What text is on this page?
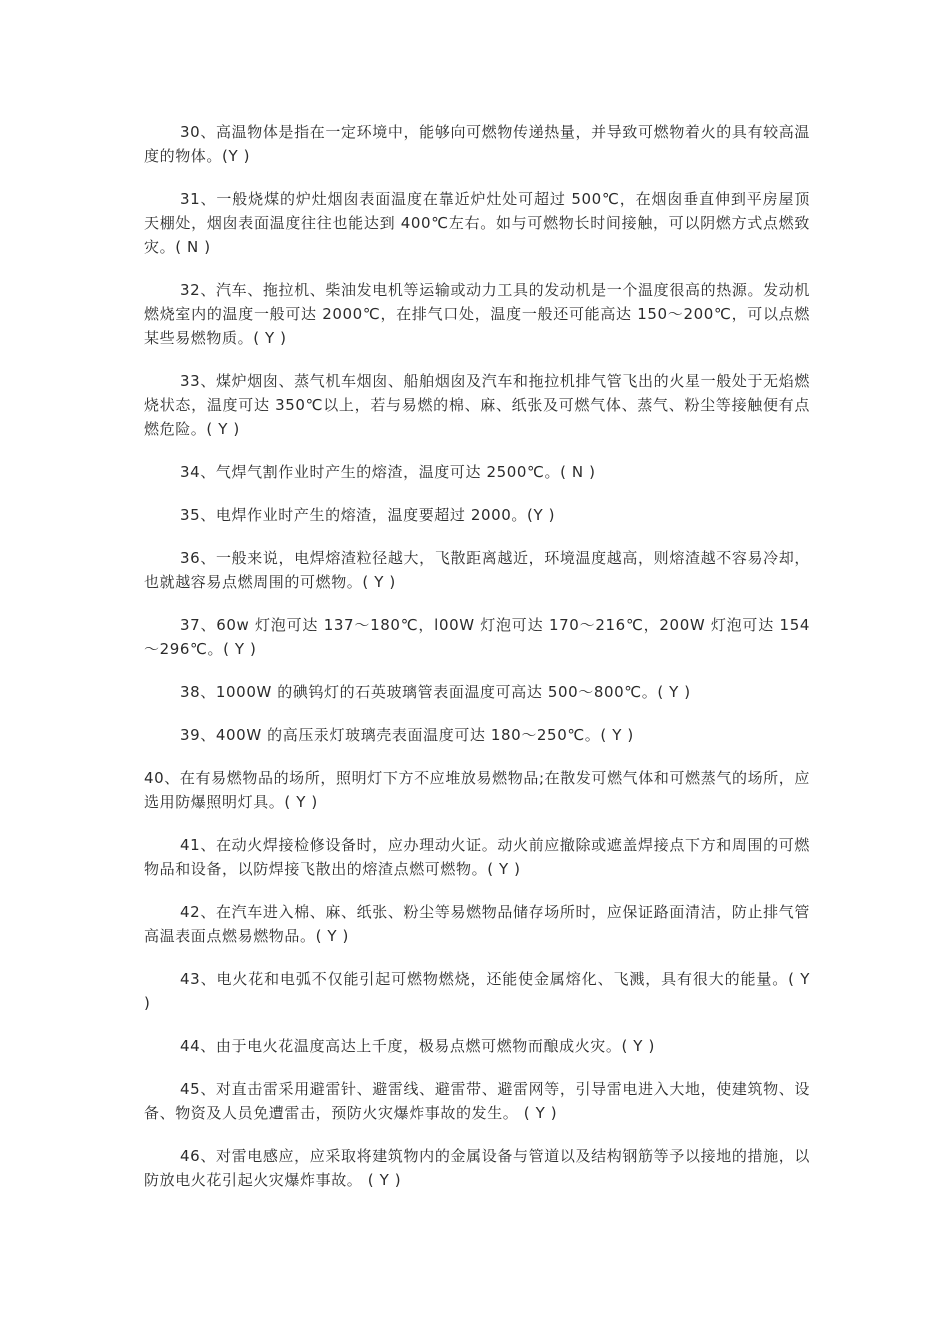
30、高温物体是指在一定环境中，能够向可燃物传递热量，并导致可燃物着火的具有较高温度的物体。(Y )

31、一般烧煤的炉灶烟囱表面温度在靠近炉灶处可超过 500℃，在烟囱垂直伸到平房屋顶天棚处，烟囱表面温度往往也能达到 400℃左右。如与可燃物长时间接触，可以阴燃方式点燃致灾。( N )

32、汽车、拖拉机、柴油发电机等运输或动力工具的发动机是一个温度很高的热源。发动机燃烧室内的温度一般可达 2000℃，在排气口处，温度一般还可能高达 150～200℃，可以点燃某些易燃物质。( Y )

33、煤炉烟囱、蒸气机车烟囱、船舶烟囱及汽车和拖拉机排气管飞出的火星一般处于无焰燃烧状态，温度可达 350℃以上，若与易燃的棉、麻、纸张及可燃气体、蒸气、粉尘等接触便有点燃危险。( Y )

34、气焊气割作业时产生的熔渣，温度可达 2500℃。( N )

35、电焊作业时产生的熔渣，温度要超过 2000。(Y )

36、一般来说，电焊熔渣粒径越大，飞散距离越近，环境温度越高，则熔渣越不容易冷却，也就越容易点燃周围的可燃物。( Y )

37、60w 灯泡可达 137～180℃，l00W 灯泡可达 170～216℃，200W 灯泡可达 154～296℃。( Y )

38、1000W 的碘钨灯的石英玻璃管表面温度可高达 500～800℃。( Y )

39、400W 的高压汞灯玻璃壳表面温度可达 180～250℃。( Y )

40、在有易燃物品的场所，照明灯下方不应堆放易燃物品;在散发可燃气体和可燃蒸气的场所，应选用防爆照明灯具。( Y )

41、在动火焊接检修设备时，应办理动火证。动火前应撤除或遮盖焊接点下方和周围的可燃物品和设备，以防焊接飞散出的熔渣点燃可燃物。( Y )

42、在汽车进入棉、麻、纸张、粉尘等易燃物品储存场所时，应保证路面清洁，防止排气管高温表面点燃易燃物品。( Y )

43、电火花和电弧不仅能引起可燃物燃烧，还能使金属熔化、飞溅，具有很大的能量。( Y )

44、由于电火花温度高达上千度，极易点燃可燃物而酿成火灾。( Y )

45、对直击雷采用避雷针、避雷线、避雷带、避雷网等，引导雷电进入大地，使建筑物、设备、物资及人员免遭雷击，预防火灾爆炸事故的发生。 ( Y )

46、对雷电感应，应采取将建筑物内的金属设备与管道以及结构钢筋等予以接地的措施，以防放电火花引起火灾爆炸事故。 ( Y )
